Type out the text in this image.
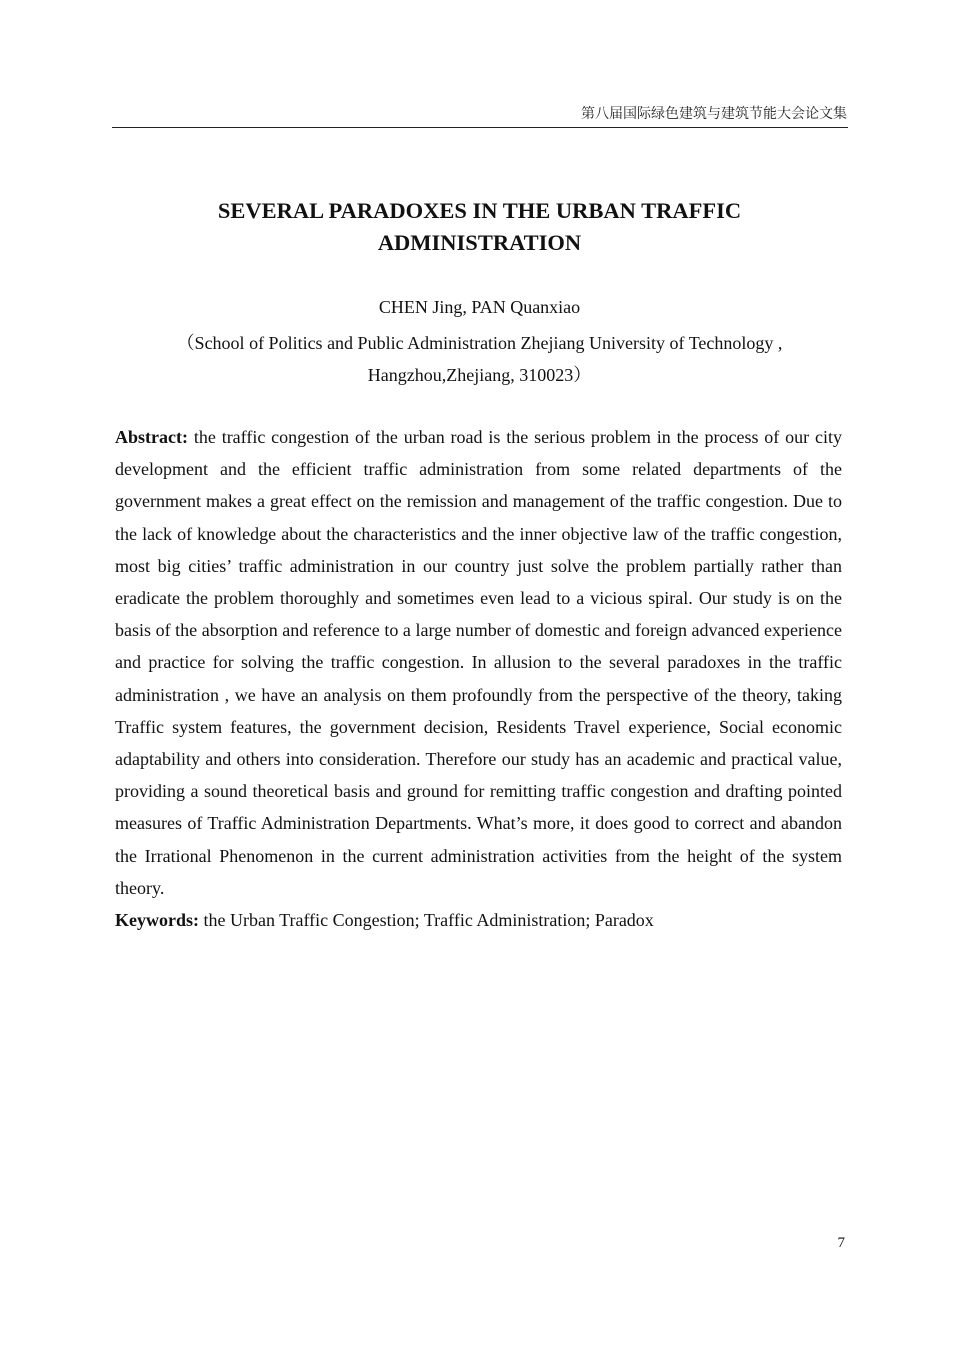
第八届国际绿色建筑与建筑节能大会论文集
SEVERAL PARADOXES IN THE URBAN TRAFFIC
ADMINISTRATION
CHEN Jing, PAN Quanxiao
（School of Politics and Public Administration Zhejiang University of Technology ,
Hangzhou,Zhejiang, 310023）

Abstract: the traffic congestion of the urban road is the serious problem in the process of our city development and the efficient traffic administration from some related departments of the government makes a great effect on the remission and management of the traffic congestion. Due to the lack of knowledge about the characteristics and the inner objective law of the traffic congestion, most big cities’ traffic administration in our country just solve the problem partially rather than eradicate the problem thoroughly and sometimes even lead to a vicious spiral. Our study is on the basis of the absorption and reference to a large number of domestic and foreign advanced experience and practice for solving the traffic congestion. In allusion to the several paradoxes in the traffic administration , we have an analysis on them profoundly from the perspective of the theory, taking Traffic system features, the government decision, Residents Travel experience, Social economic adaptability and others into consideration. Therefore our study has an academic and practical value, providing a sound theoretical basis and ground for remitting traffic congestion and drafting pointed measures of Traffic Administration Departments. What’s more, it does good to correct and abandon the Irrational Phenomenon in the current administration activities from the height of the system theory.

Keywords: the Urban Traffic Congestion; Traffic Administration; Paradox

7
